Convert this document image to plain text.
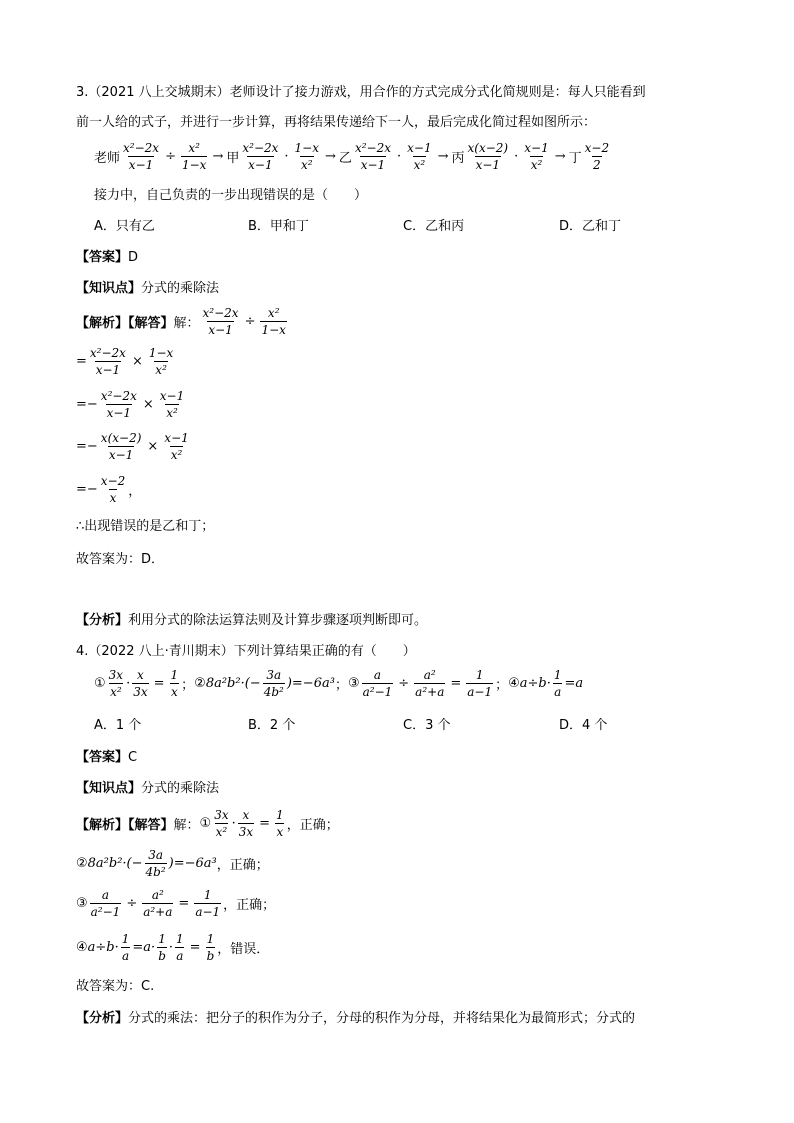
3.（2021 八上交城期末）老师设计了接力游戏，用合作的方式完成分式化简规则是：每人只能看到
前一人给的式子，并进行一步计算，再将结果传递给下一人，最后完成化简过程如图所示：
老师 $\frac{\text{x²−2x}}{x-1} \div \frac{\text{x²}}{1-x}$ → 甲 $\frac{\text{x²−2x}}{x-1} \cdot \frac{1-x}{\text{x²}}$ → 乙 $\frac{\text{x²−2x}}{x-1} \cdot \frac{x-1}{\text{x²}}$ → 丙 $\frac{x(x-2)}{x-1} \cdot \frac{x-1}{\text{x²}}$ → 丁 $\frac{x-2}{2}$
接力中，自己负责的一步出现错误的是（　　）
A．只有乙	B．甲和丁	C．乙和丙	D．乙和丁
【答案】D
【知识点】分式的乘除法
【解析】【解答】 解： $\frac{\text{x²−2x}}{x-1} \div \frac{\text{x²}}{1-x}$
= $\frac{\text{x²−2x}}{x-1} \times \frac{1-x}{\text{x²}}$
=− $\frac{\text{x²−2x}}{x-1} \times \frac{x-1}{\text{x²}}$
=− $\frac{x(x-2)}{x-1} \times \frac{x-1}{\text{x²}}$
=− $\frac{x-2}{x}$ ，
∴出现错误的是乙和丁；
故答案为：D．
【分析】利用分式的除法运算法则及计算步骤逐项判断即可。
4.（2022 八上·青川期末）下列计算结果正确的有（　　）
① $\frac{3x}{\text{x²}} \cdot \frac{x}{3x} = \frac{1}{x}$ ； ② $8a^2b^2\cdot(- \frac{3a}{\text{4b²}} )=-6a^3$ ； ③ $\frac{a}{\text{a²−1}} \div \frac{\text{a²}}{\text{a²+a}} = \frac{1}{a-1}$ ； ④ $a\div b\cdot \frac{1}{a} =a$
A．1 个	B．2 个	C．3 个	D．4 个
【答案】C
【知识点】分式的乘除法
【解析】【解答】 解： ① $\frac{3x}{\text{x²}} \cdot \frac{x}{3x} = \frac{1}{x}$ ，正确；
② $8a^2b^2\cdot(- \frac{3a}{\text{4b²}} )=-6a^3$ ，正确；
③ $\frac{a}{\text{a²−1}} \div \frac{\text{a²}}{\text{a²+a}} = \frac{1}{a-1}$ ，正确；
④ $a\div b\cdot \frac{1}{a} =a\cdot \frac{1}{b} \cdot \frac{1}{a} = \frac{1}{b}$ ，错误．
故答案为：C.
【分析】分式的乘法：把分子的积作为分子，分母的积作为分母，并将结果化为最简形式；分式的
